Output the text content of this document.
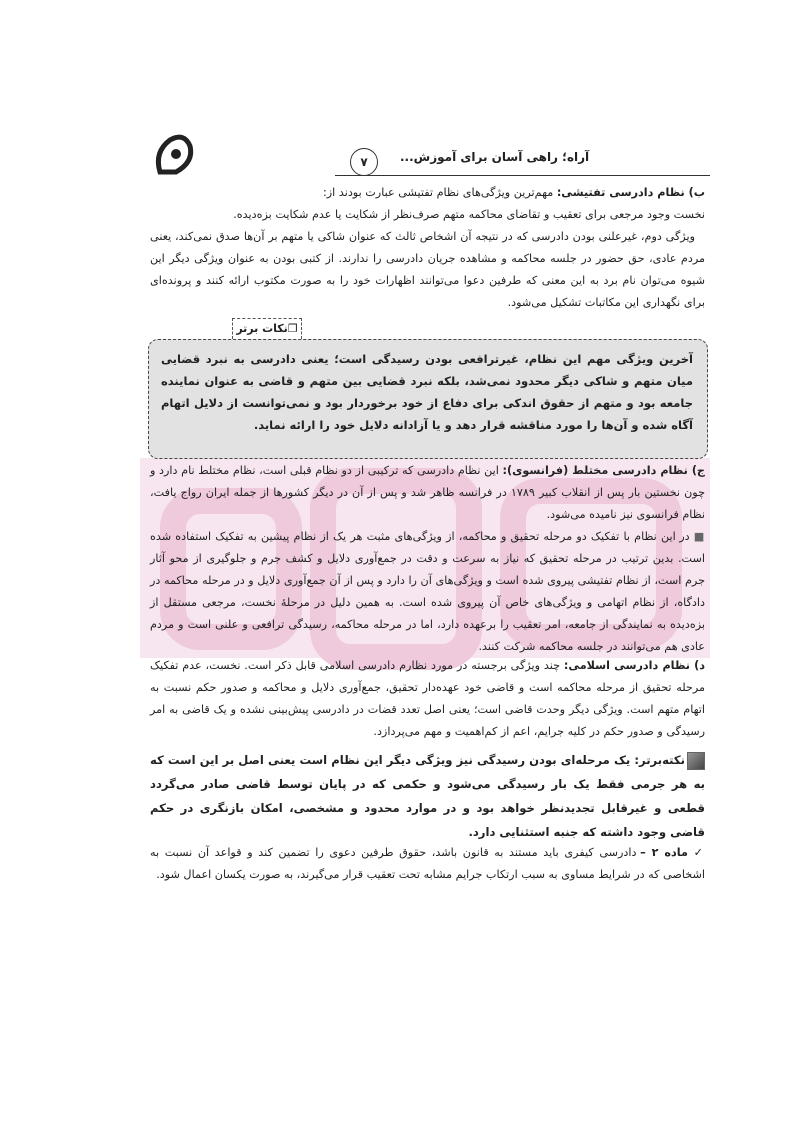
۷	آراه؛ راهی آسان برای آموزش...
ب) نظام دادرسی تفتیشی: مهم‌ترین ویژگی‌های نظام تفتیشی عبارت بودند از:
نخست وجود مرجعی برای تعقیب و تقاضای محاکمه متهم صرف‌نظر از شکایت یا عدم شکایت بزه‌دیده.
ویژگی دوم، غیرعلنی بودن دادرسی که در نتیجه آن اشخاص ثالث که عنوان شاکی یا متهم بر آن‌ها صدق نمی‌کند، یعنی مردم عادی، حق حضور در جلسه محاکمه و مشاهده جریان دادرسی را ندارند. از کتبی بودن به عنوان ویژگی دیگر این شیوه می‌توان نام برد به این معنی که طرفین دعوا می‌توانند اظهارات خود را به صورت مکتوب ارائه کنند و پرونده‌ای برای نگهداری این مکاتبات تشکیل می‌شود.
❐نکات برتر
آخرین ویژگی مهم این نظام، غیرترافعی بودن رسیدگی است؛ یعنی دادرسی به نبرد قضایی میان متهم و شاکی دیگر محدود نمی‌شد، بلکه نبرد قضایی بین متهم و قاضی به عنوان نماینده جامعه بود و متهم از حقوق اندکی برای دفاع از خود برخوردار بود و نمی‌توانست از دلایل اتهام آگاه شده و آن‌ها را مورد مناقشه قرار دهد و یا آزادانه دلایل خود را ارائه نماید.
ج) نظام دادرسی مختلط (فرانسوی): این نظام دادرسی که ترکیبی از دو نظام قبلی است، نظام مختلط نام دارد و چون نخستین بار پس از انقلاب کبیر ۱۷۸۹ در فرانسه ظاهر شد و پس از آن در دیگر کشورها از جمله ایران رواج یافت، نظام فرانسوی نیز نامیده می‌شود.
■ در این نظام با تفکیک دو مرحله تحقیق و محاکمه، از ویژگی‌های مثبت هر یک از نظام پیشین به تفکیک استفاده شده است. بدین ترتیب در مرحله تحقیق که نیاز به سرعت و دقت در جمع‌آوری دلایل و کشف جرم و جلوگیری از محو آثار جرم است، از نظام تفتیشی پیروی شده است و ویژگی‌های آن را دارد و پس از آن جمع‌آوری دلایل و در مرحله محاکمه در دادگاه، از نظام اتهامی و ویژگی‌های خاص آن پیروی شده است. به همین دلیل در مرحلهٔ نخست، مرجعی مستقل از بزه‌دیده به نمایندگی از جامعه، امر تعقیب را برعهده دارد، اما در مرحله محاکمه، رسیدگی ترافعی و علنی است و مردم عادی هم می‌توانند در جلسه محاکمه شرکت کنند.
د) نظام دادرسی اسلامی: چند ویژگی برجسته در مورد نظارم دادرسی اسلامی قابل ذکر است. نخست، عدم تفکیک مرحله تحقیق از مرحله محاکمه است و قاضی خود عهده‌دار تحقیق، جمع‌آوری دلایل و محاکمه و صدور حکم نسبت به اتهام متهم است. ویژگی دیگر وحدت قاضی است؛ یعنی اصل تعدد قضات در دادرسی پیش‌بینی نشده و یک قاضی به امر رسیدگی و صدور حکم در کلیه جرایم، اعم از کم‌اهمیت و مهم می‌پردازد.
نکته‌برتر: یک مرحله‌ای بودن رسیدگی نیز ویژگی دیگر این نظام است یعنی اصل بر این است که به هر جرمی فقط یک بار رسیدگی می‌شود و حکمی که در پایان توسط قاضی صادر می‌گردد قطعی و غیرقابل تجدیدنظر خواهد بود و در موارد محدود و مشخصی، امکان بازنگری در حکم قاضی وجود داشته که جنبه استثنایی دارد.
✓ ماده ۲ – دادرسی کیفری باید مستند به قانون باشد، حقوق طرفین دعوی را تضمین کند و قواعد آن نسبت به اشخاصی که در شرایط مساوی به سبب ارتکاب جرایم مشابه تحت تعقیب قرار می‌گیرند، به صورت یکسان اعمال شود.
